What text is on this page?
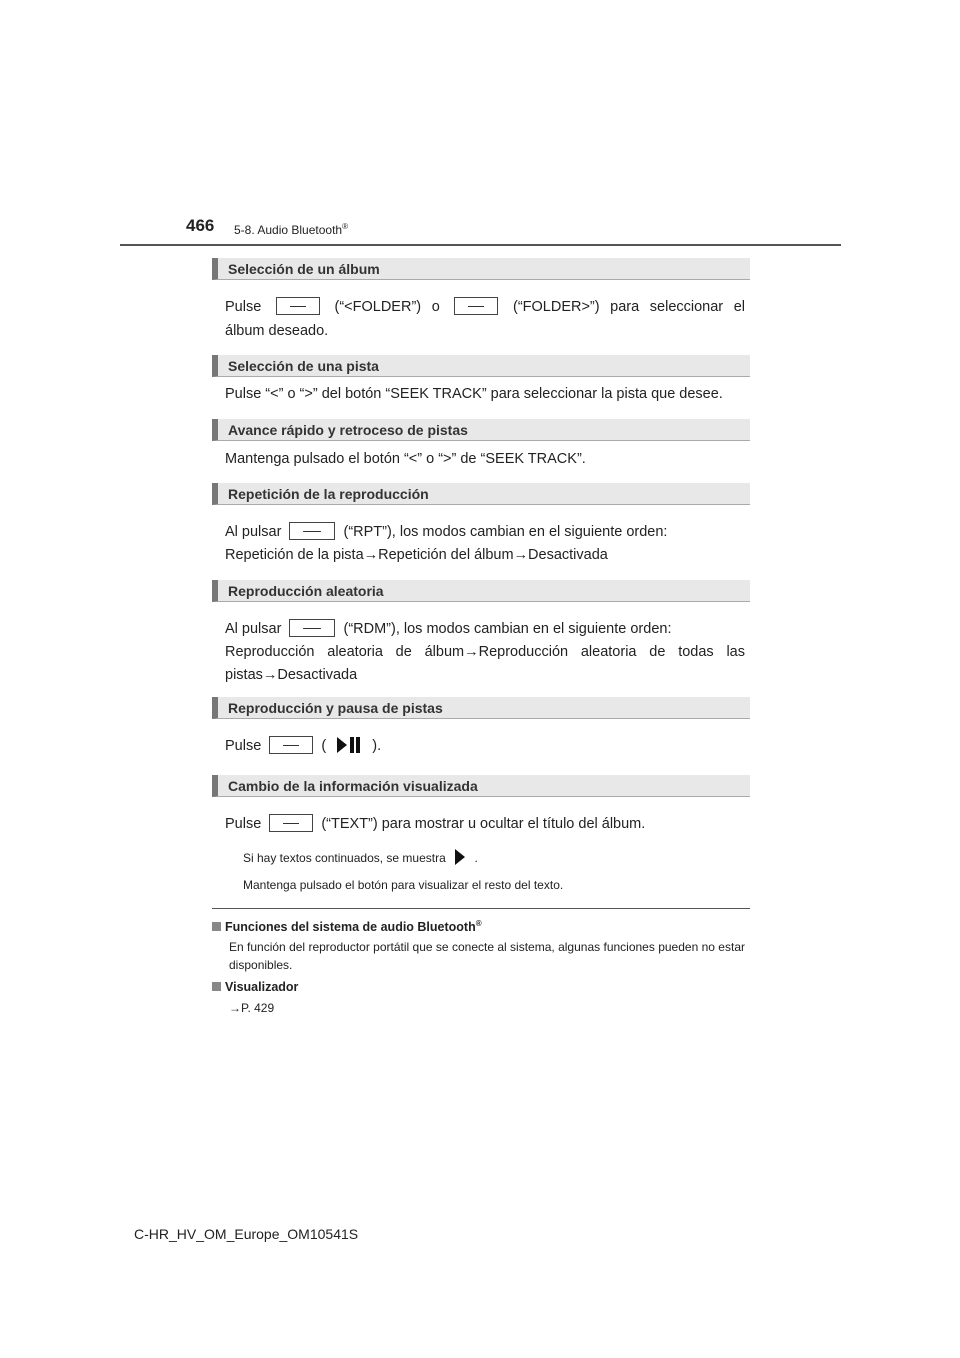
466 5-8. Audio Bluetooth®
Selección de un álbum
Pulse	(“<FOLDER”) o	(“FOLDER>”) para seleccionar el
álbum deseado.
Selección de una pista
Pulse “<” o “>” del botón “SEEK TRACK” para seleccionar la pista que desee.
Avance rápido y retroceso de pistas
Mantenga pulsado el botón “<” o “>” de “SEEK TRACK”.
Repetición de la reproducción
Al pulsar	(“RPT”), los modos cambian en el siguiente orden:
Repetición de la pista→Repetición del álbum→Desactivada
Reproducción aleatoria
Al pulsar	(“RDM”), los modos cambian en el siguiente orden:
Reproducción aleatoria de álbum→Reproducción aleatoria de todas las
pistas→Desactivada
Reproducción y pausa de pistas
Pulse	(	).
Cambio de la información visualizada
Pulse	(“TEXT”) para mostrar u ocultar el título del álbum.
Si hay textos continuados, se muestra .
Mantenga pulsado el botón para visualizar el resto del texto.
Funciones del sistema de audio Bluetooth®
En función del reproductor portátil que se conecte al sistema, algunas funciones pueden no estar disponibles.
Visualizador
→P. 429
C-HR_HV_OM_Europe_OM10541S
